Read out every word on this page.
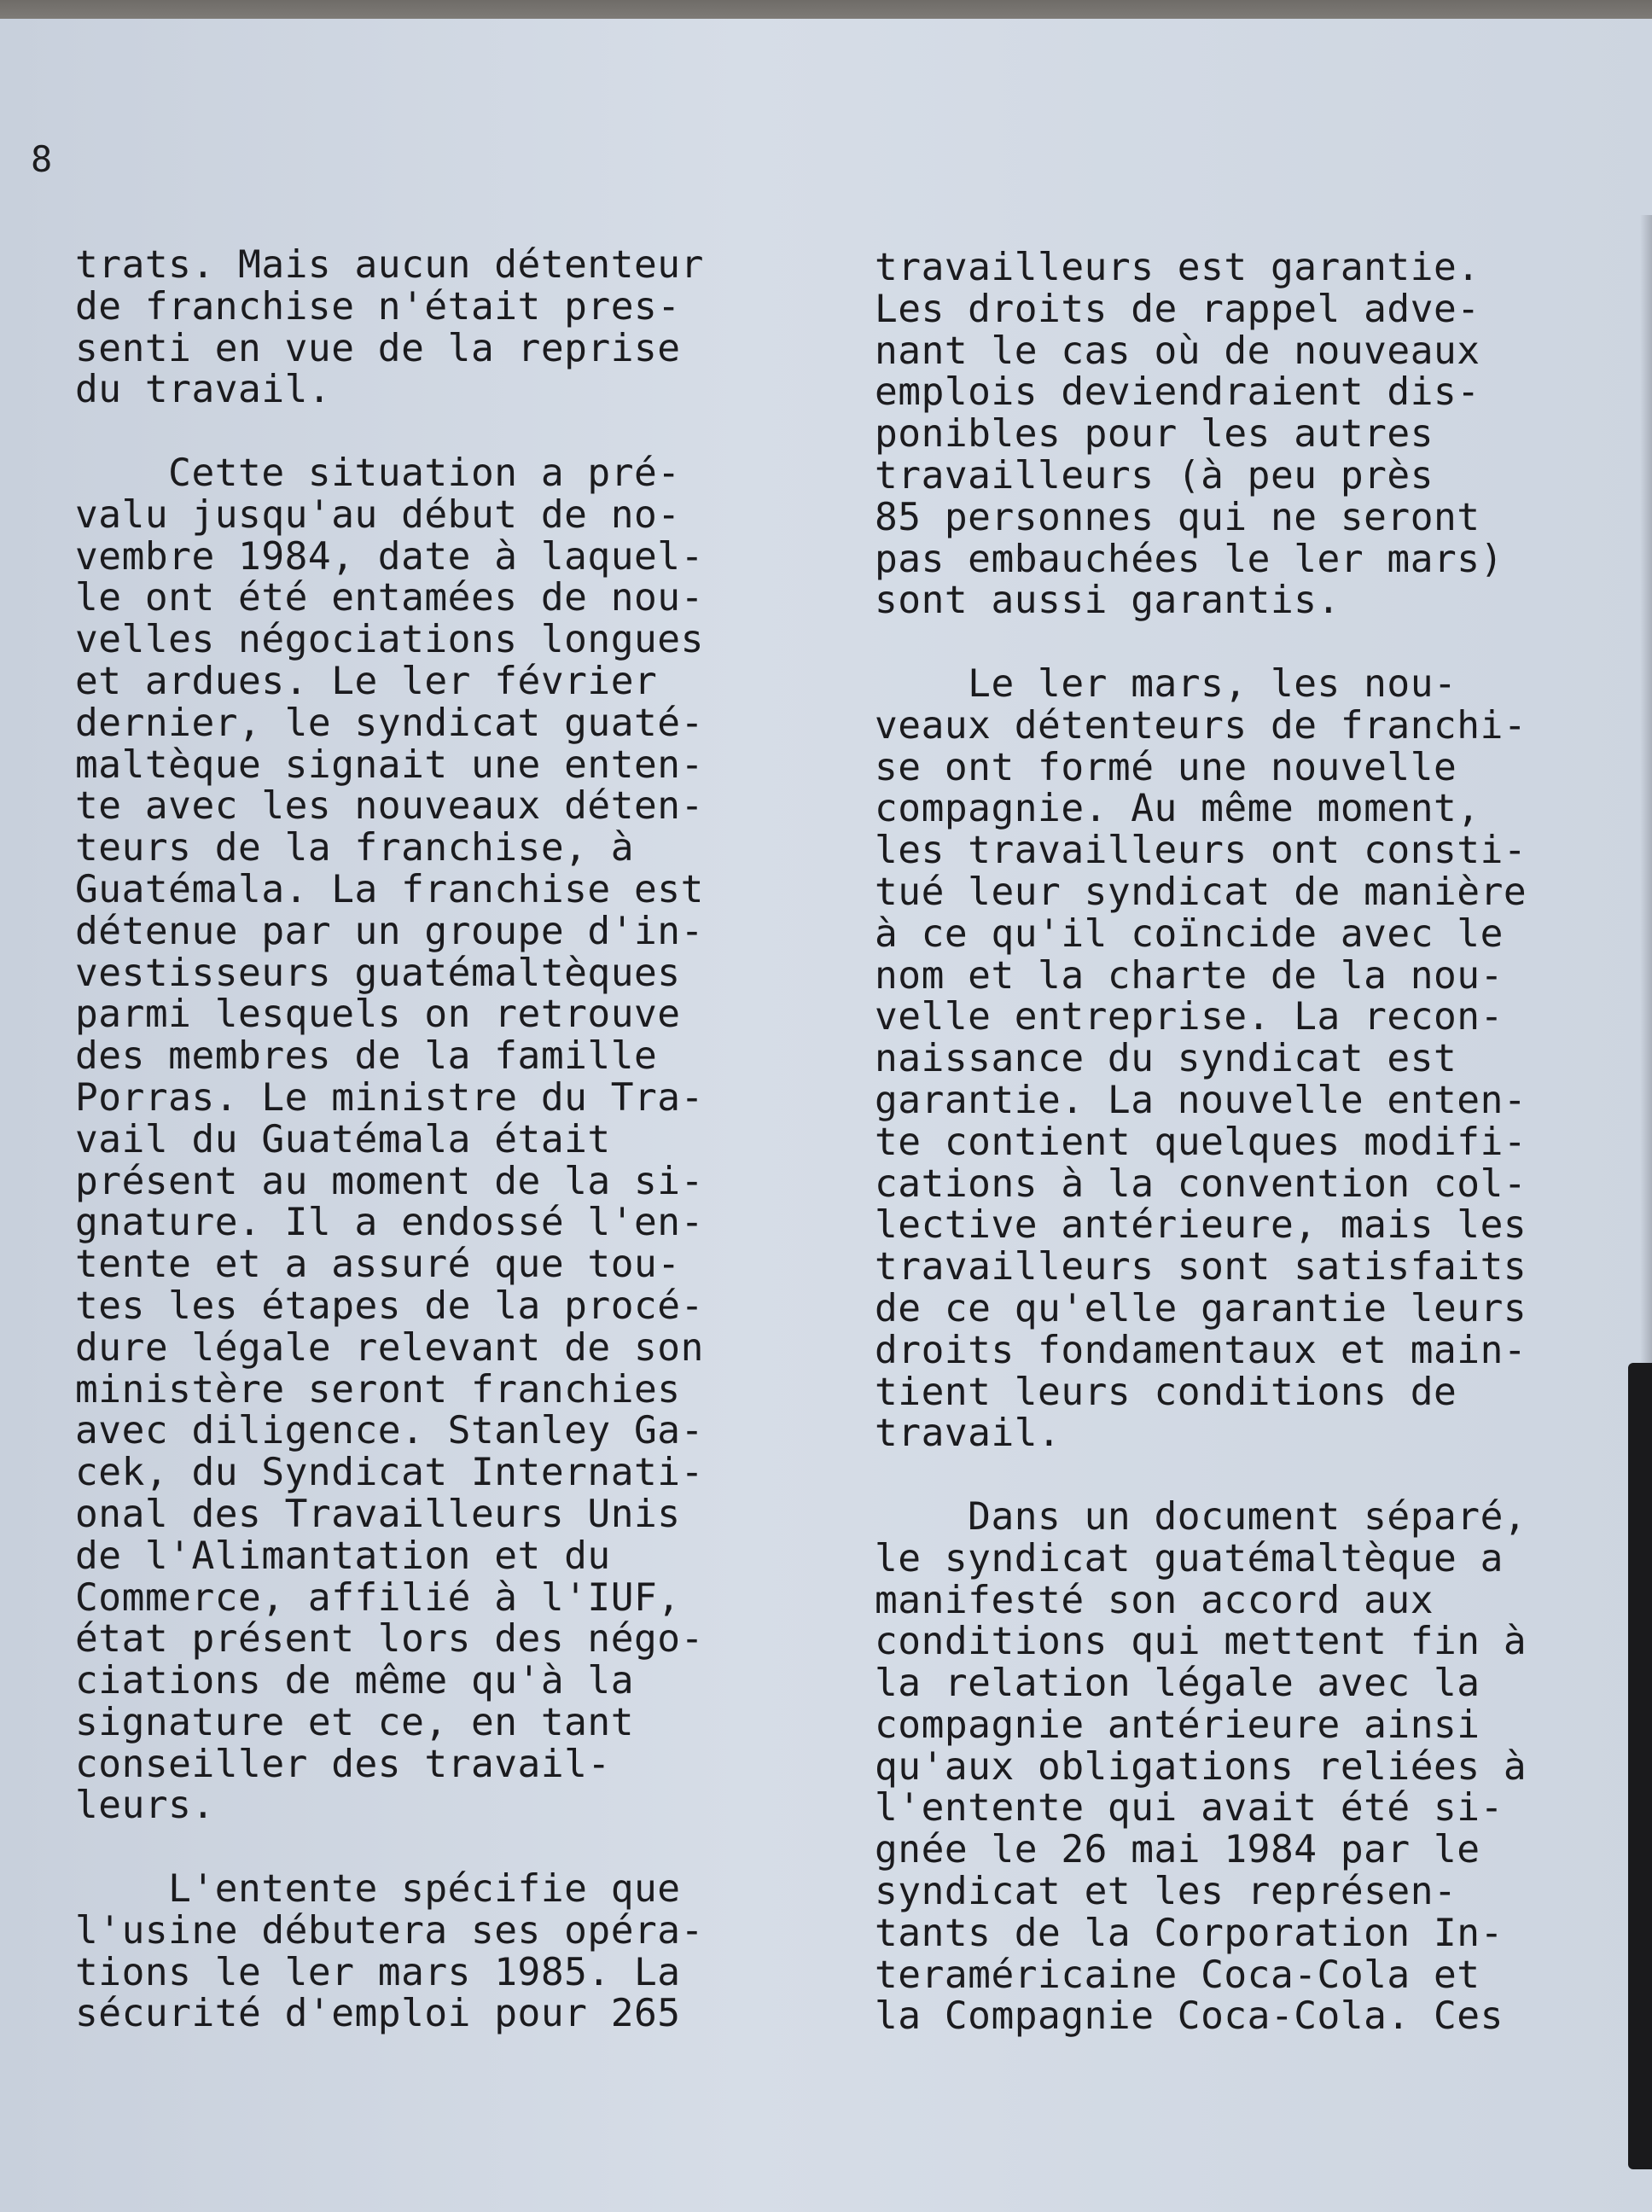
8
trats. Mais aucun détenteur
de franchise n'était pres-
senti en vue de la reprise
du travail.
Cette situation a pré-
valu jusqu'au début de no-
vembre 1984, date à laquel-
le ont été entamées de nou-
velles négociations longues
et ardues. Le ler février
dernier, le syndicat guaté-
maltèque signait une enten-
te avec les nouveaux déten-
teurs de la franchise, à
Guatémala. La franchise est
détenue par un groupe d'in-
vestisseurs guatémaltèques
parmi lesquels on retrouve
des membres de la famille
Porras. Le ministre du Tra-
vail du Guatémala était
présent au moment de la si-
gnature. Il a endossé l'en-
tente et a assuré que tou-
tes les étapes de la procé-
dure légale relevant de son
ministère seront franchies
avec diligence. Stanley Ga-
cek, du Syndicat Internati-
onal des Travailleurs Unis
de l'Alimantation et du
Commerce, affilié à l'IUF,
état présent lors des négo-
ciations de même qu'à la
signature et ce, en tant
conseiller des travail-
leurs.
L'entente spécifie que
l'usine débutera ses opéra-
tions le ler mars 1985. La
sécurité d'emploi pour 265
travailleurs est garantie.
Les droits de rappel adve-
nant le cas où de nouveaux
emplois deviendraient dis-
ponibles pour les autres
travailleurs (à peu près
85 personnes qui ne seront
pas embauchées le ler mars)
sont aussi garantis.
Le ler mars, les nou-
veaux détenteurs de franchi-
se ont formé une nouvelle
compagnie. Au même moment,
les travailleurs ont consti-
tué leur syndicat de manière
à ce qu'il coïncide avec le
nom et la charte de la nou-
velle entreprise. La recon-
naissance du syndicat est
garantie. La nouvelle enten-
te contient quelques modifi-
cations à la convention col-
lective antérieure, mais les
travailleurs sont satisfaits
de ce qu'elle garantie leurs
droits fondamentaux et main-
tient leurs conditions de
travail.
Dans un document séparé,
le syndicat guatémaltèque a
manifesté son accord aux
conditions qui mettent fin à
la relation légale avec la
compagnie antérieure ainsi
qu'aux obligations reliées à
l'entente qui avait été si-
gnée le 26 mai 1984 par le
syndicat et les représen-
tants de la Corporation In-
teraméricaine Coca-Cola et
la Compagnie Coca-Cola. Ces
